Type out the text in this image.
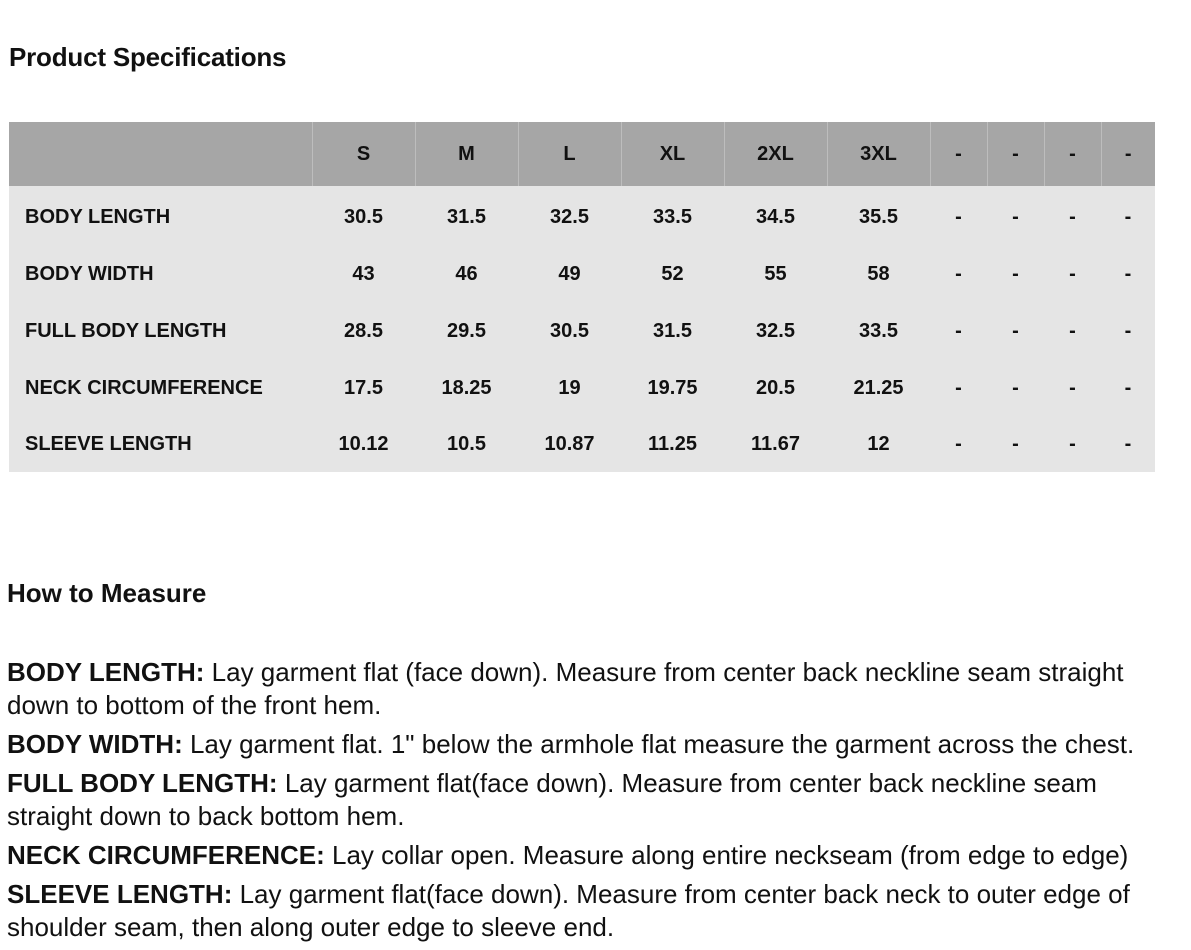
Product Specifications
	S	M	L	XL	2XL	3XL	-	-	-	-
BODY LENGTH	30.5	31.5	32.5	33.5	34.5	35.5	-	-	-	-
BODY WIDTH	43	46	49	52	55	58	-	-	-	-
FULL BODY LENGTH	28.5	29.5	30.5	31.5	32.5	33.5	-	-	-	-
NECK CIRCUMFERENCE	17.5	18.25	19	19.75	20.5	21.25	-	-	-	-
SLEEVE LENGTH	10.12	10.5	10.87	11.25	11.67	12	-	-	-	-
How to Measure

BODY LENGTH: Lay garment flat (face down). Measure from center back neckline seam straight down to bottom of the front hem.

BODY WIDTH: Lay garment flat. 1" below the armhole flat measure the garment across the chest.

FULL BODY LENGTH: Lay garment flat(face down). Measure from center back neckline seam straight down to back bottom hem.

NECK CIRCUMFERENCE: Lay collar open. Measure along entire neckseam (from edge to edge)

SLEEVE LENGTH: Lay garment flat(face down). Measure from center back neck to outer edge of shoulder seam, then along outer edge to sleeve end.
